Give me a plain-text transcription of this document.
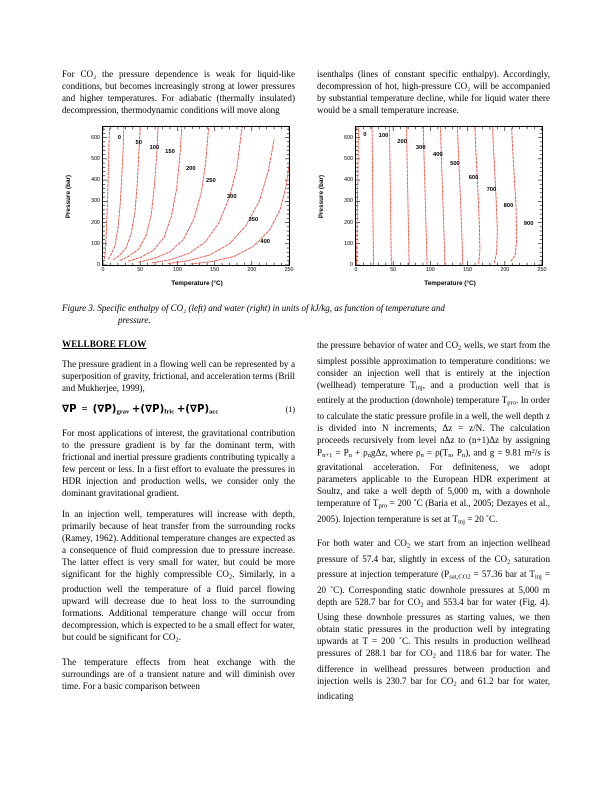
For CO₂ the pressure dependence is weak for liquid-like conditions, but becomes increasingly strong at lower pressures and higher temperatures. For adiabatic (thermally insulated) decompression, thermodynamic conditions will move along

isenthalps (lines of constant specific enthalpy). Accordingly, decompression of hot, high-pressure CO₂ will be accompanied by substantial temperature decline, while for liquid water there would be a small temperature increase.

Pressure (bar)
0
100
200
300
400
500
600
0	50	100	150	200	250
0
50
100
150
200
250
300
350
400
Temperature (°C)
Pressure (bar)
0
100
200
300
400
500
600
0	50	100	150	200	250
0 100
200
300
400
500
600
700
800
900
Temperature (°C)
Figure 3. Specific enthalpy of CO₂ (left) and water (right) in units of kJ/kg, as function of temperature and
pressure.
WELLBORE FLOW

The pressure gradient in a flowing well can be represented by a superposition of gravity, frictional, and acceleration terms (Brill and Mukherjee, 1999),

$\nabla P = (\nabla P)_{grav} +(\nabla P)_{fric} +(\nabla P)_{acc}$	(1)

For most applications of interest, the gravitational contribution to the pressure gradient is by far the dominant term, with frictional and inertial pressure gradients contributing typically a few percent or less. In a first effort to evaluate the pressures in HDR injection and production wells, we consider only the dominant gravitational gradient.

In an injection well, temperatures will increase with depth, primarily because of heat transfer from the surrounding rocks (Ramey, 1962). Additional temperature changes are expected as a consequence of fluid compression due to pressure increase. The latter effect is very small for water, but could be more significant for the highly compressible $CO_2$. Similarly, in a production well the temperature of a fluid parcel flowing upward will decrease due to heat loss to the surrounding formations. Additional temperature change will occur from decompression, which is expected to be a small effect for water, but could be significant for $CO_2$.

The temperature effects from heat exchange with the surroundings are of a transient nature and will diminish over time. For a basic comparison between

the pressure behavior of water and $CO_2$ wells, we start from the simplest possible approximation to temperature conditions: we consider an injection well that is entirely at the injection (wellhead) temperature $T_{inj}$, and a production well that is entirely at the production (downhole) temperature $T_{pro}$. In order to calculate the static pressure profile in a well, the well depth z is divided into N increments, Δz = z/N. The calculation proceeds recursively from level nΔz to (n+1)Δz by assigning $P_{n+1} = P_n + \rho_ng\Delta z$, where $\rho_n = \rho(T_n$, $P_n$), and g = 9.81 $m^2/s$ is gravitational acceleration. For definiteness, we adopt parameters applicable to the European HDR experiment at Soultz, and take a well depth of 5,000 m, with a downhole temperature of $T_{pro} = 200$ ˚C (Baria et al., 2005; Dezayes et al., 2005). Injection temperature is set at $T_{inj} = 20$ ˚C.

For both water and $CO_2$ we start from an injection wellhead pressure of 57.4 bar, slightly in excess of the $CO_2$ saturation pressure at injection temperature ($P_{sat,CO2} = 57.36$ bar at $T_{inj} = 20$ ˚C). Corresponding static downhole pressures at 5,000 m depth are 528.7 bar for $CO_2$ and 553.4 bar for water (Fig. 4). Using these downhole pressures as starting values, we then obtain static pressures in the production well by integrating upwards at T = 200 ˚C. This results in production wellhead pressures of 288.1 bar for $CO_2$ and 118.6 bar for water. The difference in wellhead pressures between production and injection wells is 230.7 bar for $CO_2$ and 61.2 bar for water, indicating
